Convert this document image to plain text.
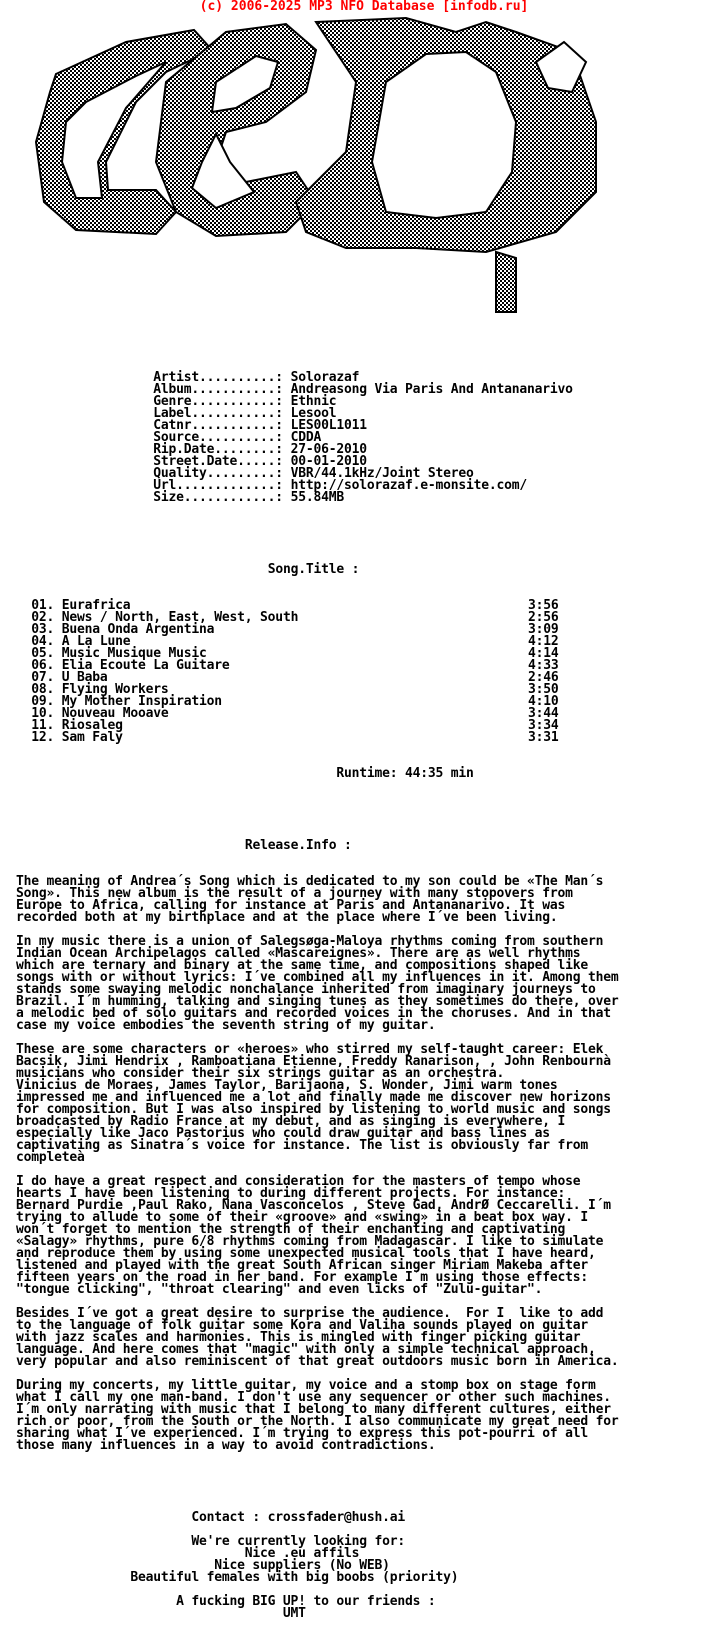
(c) 2006-2025 MP3 NFO Database [infodb.ru]

Artist..........: Solorazaf
Album...........: Andreasong Via Paris And Antananarivo
Genre...........: Ethnic
Label...........: Lesool
Catnr...........: LES00L1011
Source..........: CDDA
Rip.Date........: 27-06-2010
Street.Date.....: 00-01-2010
Quality.........: VBR/44.1kHz/Joint Stereo
Url.............: http://solorazaf.e-monsite.com/
Size............: 55.84MB

Song.Title :

01. Eurafrica	3:56
02. News / North, East, West, South	2:56
03. Buena Onda Argentina	3:09
04. A La Lune	4:12
05. Music Musique Music	4:14
06. Elia Ecoute La Guitare	4:33
07. U Baba	2:46
08. Flying Workers	3:50
09. My Mother Inspiration	4:10
10. Nouveau Mooave	3:44
11. Riosaleg	3:34
12. Sam Faly	3:31

Runtime: 44:35 min

Release.Info :

The meaning of Andrea´s Song which is dedicated to my son could be «The Man´s
Song». This new album is the result of a journey with many stopovers from
Europe to Africa, calling for instance at Paris and Antananarivo. It was
recorded both at my birthplace and at the place where I´ve been living.

In my music there is a union of Salegsøga-Maloya rhythms coming from southern
Indian Ocean Archipelagos called «Mascareignes». There are as well rhythms
which are ternary and binary at the same time, and compositions shaped like
songs with or without lyrics: I´ve combined all my influences in it. Among them
stands some swaying melodic nonchalance inherited from imaginary journeys to
Brazil. I´m humming, talking and singing tunes as they sometimes do there, over
a melodic bed of solo guitars and recorded voices in the choruses. And in that
case my voice embodies the seventh string of my guitar.

These are some characters or «heroes» who stirred my self-taught career: Elek
Bacsik, Jimi Hendrix , Ramboatiana Etienne, Freddy Ranarison, , John Renbournà
musicians who consider their six strings guitar as an orchestra.
Vinicius de Moraes, James Taylor, Barijaona, S. Wonder, Jimi warm tones
impressed me and influenced me a lot and finally made me discover new horizons
for composition. But I was also inspired by listening to world music and songs
broadcasted by Radio France at my debut, and as singing is everywhere, I
especially like Jaco Pastorius who could draw guitar and bass lines as
captivating as Sinatra´s voice for instance. The list is obviously far from
completeà

I do have a great respect and consideration for the masters of tempo whose
hearts I have been listening to during different projects. For instance:
Bernard Purdie ,Paul Rako, Nana Vasconcelos , Steve Gad, AndrØ Ceccarelli. I´m
trying to allude to some of their «groove» and «swing» in a beat box way. I
won´t forget to mention the strength of their enchanting and captivating
«Salagy» rhythms, pure 6/8 rhythms coming from Madagascar. I like to simulate
and reproduce them by using some unexpected musical tools that I have heard,
listened and played with the great South African singer Miriam Makeba after
fifteen years on the road in her band. For example I´m using those effects:
"tongue clicking", "throat clearing" and even licks of "Zulu-guitar".

Besides I´ve got a great desire to surprise the audience.  For I  like to add
to the language of folk guitar some Kora and Valiha sounds played on guitar
with jazz scales and harmonies. This is mingled with finger picking guitar
language. And here comes that "magic" with only a simple technical approach,
very popular and also reminiscent of that great outdoors music born in America.

During my concerts, my little guitar, my voice and a stomp box on stage form
what I call my one man-band. I don't use any sequencer or other such machines.
I´m only narrating with music that I belong to many different cultures, either
rich or poor, from the South or the North. I also communicate my great need for
sharing what I´ve experienced. I´m trying to express this pot-pourri of all
those many influences in a way to avoid contradictions.

Contact : crossfader@hush.ai

We're currently looking for:
Nice .eu affils
Nice suppliers (No WEB)
Beautiful females with big boobs (priority)

A fucking BIG UP! to our friends :
UMT
